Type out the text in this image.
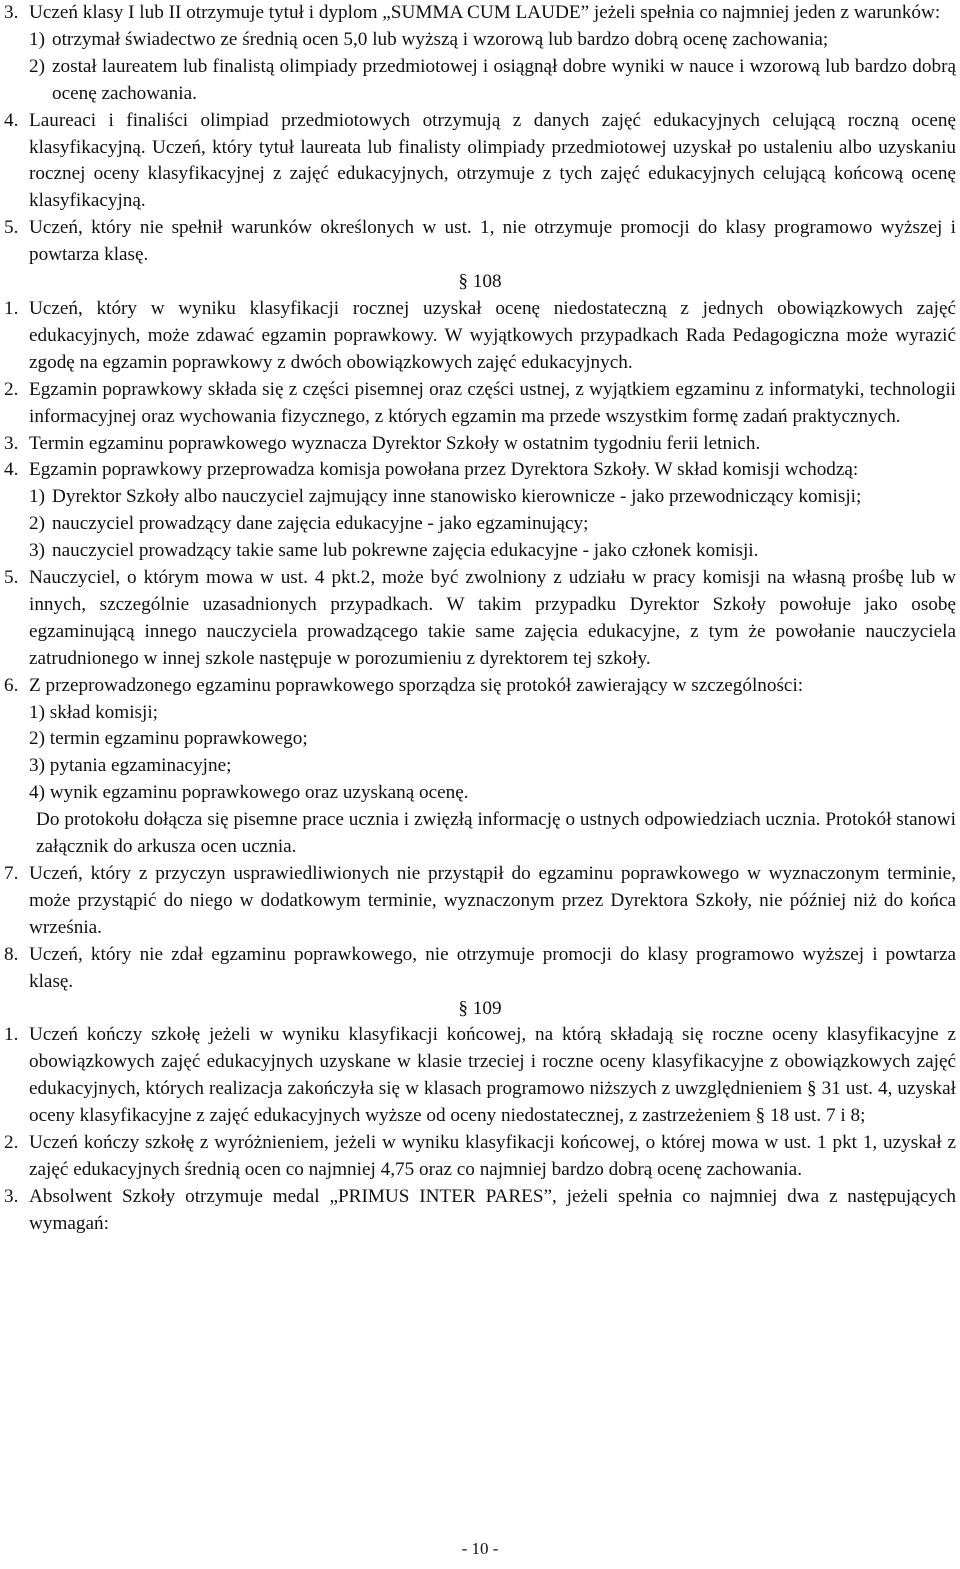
3. Uczeń klasy I lub II otrzymuje tytuł i dyplom „SUMMA CUM LAUDE” jeżeli spełnia co najmniej jeden z warunków:
1) otrzymał świadectwo ze średnią ocen 5,0 lub wyższą i wzorową lub bardzo dobrą ocenę zachowania;
2) został laureatem lub finalistą olimpiady przedmiotowej i osiągnął dobre wyniki w nauce i wzorową lub bardzo dobrą ocenę zachowania.
4. Laureaci i finaliści olimpiad przedmiotowych otrzymują z danych zajęć edukacyjnych celującą roczną ocenę klasyfikacyjną. Uczeń, który tytuł laureata lub finalisty olimpiady przedmiotowej uzyskał po ustaleniu albo uzyskaniu rocznej oceny klasyfikacyjnej z zajęć edukacyjnych, otrzymuje z tych zajęć edukacyjnych celującą końcową ocenę klasyfikacyjną.
5. Uczeń, który nie spełnił warunków określonych w ust. 1, nie otrzymuje promocji do klasy programowo wyższej i powtarza klasę.
§ 108
1. Uczeń, który w wyniku klasyfikacji rocznej uzyskał ocenę niedostateczną z jednych obowiązkowych zajęć edukacyjnych, może zdawać egzamin poprawkowy. W wyjątkowych przypadkach Rada Pedagogiczna może wyrazić zgodę na egzamin poprawkowy z dwóch obowiązkowych zajęć edukacyjnych.
2. Egzamin poprawkowy składa się z części pisemnej oraz części ustnej, z wyjątkiem egzaminu z informatyki, technologii informacyjnej oraz wychowania fizycznego, z których egzamin ma przede wszystkim formę zadań praktycznych.
3. Termin egzaminu poprawkowego wyznacza Dyrektor Szkoły w ostatnim tygodniu ferii letnich.
4. Egzamin poprawkowy przeprowadza komisja powołana przez Dyrektora Szkoły. W skład komisji wchodzą:
1) Dyrektor Szkoły albo nauczyciel zajmujący inne stanowisko kierownicze - jako przewodniczący komisji;
2) nauczyciel prowadzący dane zajęcia edukacyjne - jako egzaminujący;
3) nauczyciel prowadzący takie same lub pokrewne zajęcia edukacyjne - jako członek komisji.
5. Nauczyciel, o którym mowa w ust. 4 pkt.2, może być zwolniony z udziału w pracy komisji na własną prośbę lub w innych, szczególnie uzasadnionych przypadkach. W takim przypadku Dyrektor Szkoły powołuje jako osobę egzaminującą innego nauczyciela prowadzącego takie same zajęcia edukacyjne, z tym że powołanie nauczyciela zatrudnionego w innej szkole następuje w porozumieniu z dyrektorem tej szkoły.
6. Z przeprowadzonego egzaminu poprawkowego sporządza się protokół zawierający w szczególności:
1) skład komisji;
2) termin egzaminu poprawkowego;
3) pytania egzaminacyjne;
4) wynik egzaminu poprawkowego oraz uzyskaną ocenę.
Do protokołu dołącza się pisemne prace ucznia i zwięzłą informację o ustnych odpowiedziach ucznia. Protokół stanowi załącznik do arkusza ocen ucznia.
7. Uczeń, który z przyczyn usprawiedliwionych nie przystąpił do egzaminu poprawkowego w wyznaczonym terminie, może przystąpić do niego w dodatkowym terminie, wyznaczonym przez Dyrektora Szkoły, nie później niż do końca września.
8. Uczeń, który nie zdał egzaminu poprawkowego, nie otrzymuje promocji do klasy programowo wyższej i powtarza klasę.
§ 109
1. Uczeń kończy szkołę jeżeli w wyniku klasyfikacji końcowej, na którą składają się roczne oceny klasyfikacyjne z obowiązkowych zajęć edukacyjnych uzyskane w klasie trzeciej i roczne oceny klasyfikacyjne z obowiązkowych zajęć edukacyjnych, których realizacja zakończyła się w klasach programowo niższych z uwzględnieniem § 31 ust. 4, uzyskał oceny klasyfikacyjne z zajęć edukacyjnych wyższe od oceny niedostatecznej, z zastrzeżeniem § 18 ust. 7 i 8;
2. Uczeń kończy szkołę z wyróżnieniem, jeżeli w wyniku klasyfikacji końcowej, o której mowa w ust. 1 pkt 1, uzyskał z zajęć edukacyjnych średnią ocen co najmniej 4,75 oraz co najmniej bardzo dobrą ocenę zachowania.
3. Absolwent Szkoły otrzymuje medal „PRIMUS INTER PARES”, jeżeli spełnia co najmniej dwa z następujących wymagań:
- 10 -
